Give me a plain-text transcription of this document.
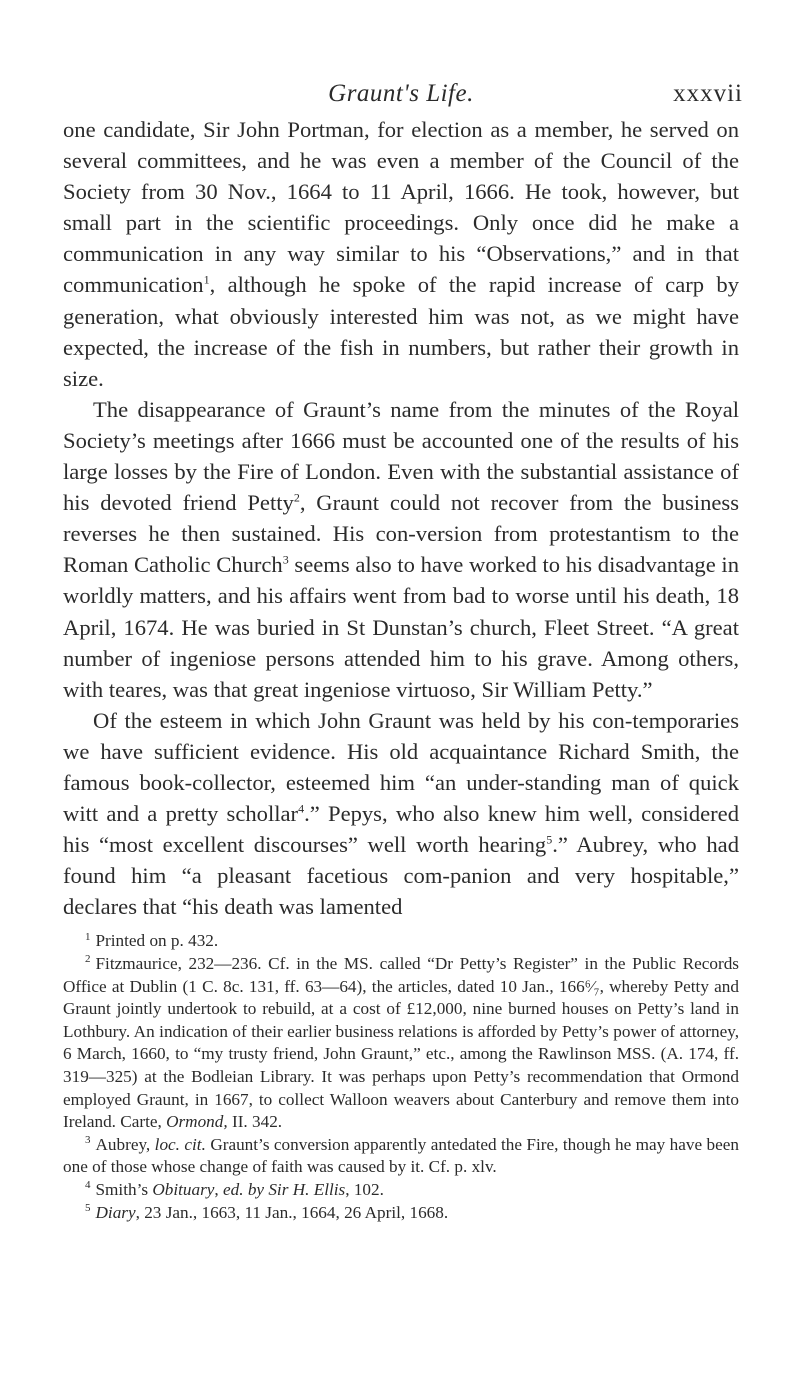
Graunt's Life.	xxxvii

one candidate, Sir John Portman, for election as a member, he served on several committees, and he was even a member of the Council of the Society from 30 Nov., 1664 to 11 April, 1666. He took, however, but small part in the scientific proceedings. Only once did he make a communication in any way similar to his “Observations,” and in that communication$^1$, although he spoke of the rapid increase of carp by generation, what obviously interested him was not, as we might have expected, the increase of the fish in numbers, but rather their growth in size.

The disappearance of Graunt’s name from the minutes of the Royal Society’s meetings after 1666 must be accounted one of the results of his large losses by the Fire of London. Even with the substantial assistance of his devoted friend Petty$^2$, Graunt could not recover from the business reverses he then sustained. His con-version from protestantism to the Roman Catholic Church$^3$ seems also to have worked to his disadvantage in worldly matters, and his affairs went from bad to worse until his death, 18 April, 1674. He was buried in St Dunstan’s church, Fleet Street. “A great number of ingeniose persons attended him to his grave. Among others, with teares, was that great ingeniose virtuoso, Sir William Petty.”

Of the esteem in which John Graunt was held by his con-temporaries we have sufficient evidence. His old acquaintance Richard Smith, the famous book-collector, esteemed him “an under-standing man of quick witt and a pretty schollar$^4$.” Pepys, who also knew him well, considered his “most excellent discourses” well worth hearing$^5$.” Aubrey, who had found him “a pleasant facetious com-panion and very hospitable,” declares that “his death was lamented

$^1$ Printed on p. 432.

$^2$ Fitzmaurice, 232—236. Cf. in the MS. called “Dr Petty’s Register” in the Public Records Office at Dublin (1 C. 8c. 131, ff. 63—64), the articles, dated 10 Jan., 166⁶⁄₇, whereby Petty and Graunt jointly undertook to rebuild, at a cost of £12,000, nine burned houses on Petty’s land in Lothbury. An indication of their earlier business relations is afforded by Petty’s power of attorney, 6 March, 1660, to “my trusty friend, John Graunt,” etc., among the Rawlinson MSS. (A. 174, ff. 319—325) at the Bodleian Library. It was perhaps upon Petty’s recommendation that Ormond employed Graunt, in 1667, to collect Walloon weavers about Canterbury and remove them into Ireland. Carte, Ormond, II. 342.

$^3$ Aubrey, loc. cit. Graunt’s conversion apparently antedated the Fire, though he may have been one of those whose change of faith was caused by it. Cf. p. xlv.

$^4$ Smith’s Obituary, ed. by Sir H. Ellis, 102.

$^5$ Diary, 23 Jan., 1663, 11 Jan., 1664, 26 April, 1668.
